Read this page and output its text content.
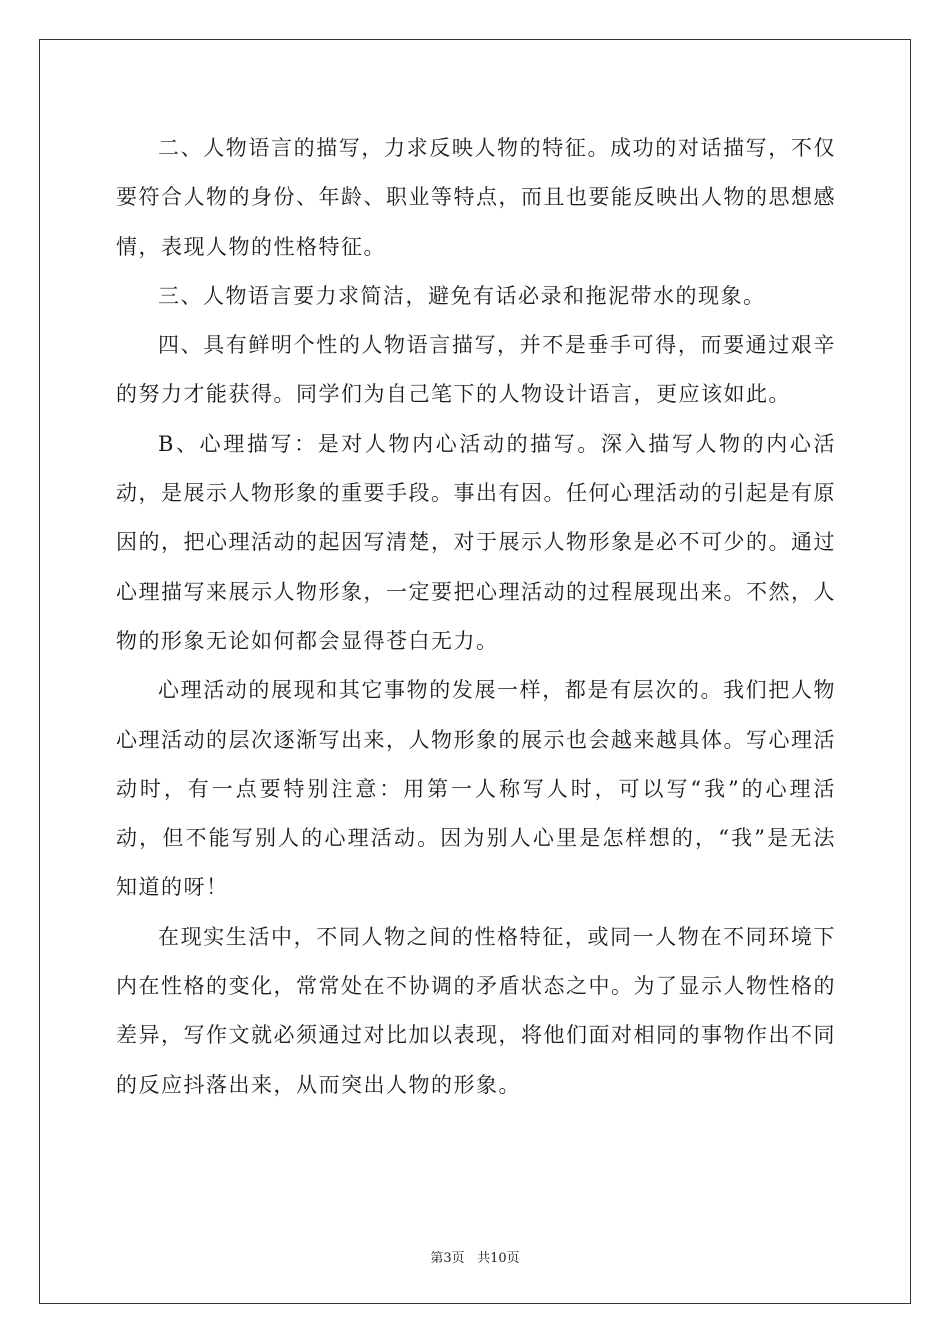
二、人物语言的描写，力求反映人物的特征。成功的对话描写，不仅要符合人物的身份、年龄、职业等特点，而且也要能反映出人物的思想感情，表现人物的性格特征。

三、人物语言要力求简洁，避免有话必录和拖泥带水的现象。

四、具有鲜明个性的人物语言描写，并不是垂手可得，而要通过艰辛的努力才能获得。同学们为自己笔下的人物设计语言，更应该如此。

B、心理描写：是对人物内心活动的描写。深入描写人物的内心活动，是展示人物形象的重要手段。事出有因。任何心理活动的引起是有原因的，把心理活动的起因写清楚，对于展示人物形象是必不可少的。通过心理描写来展示人物形象，一定要把心理活动的过程展现出来。不然，人物的形象无论如何都会显得苍白无力。

心理活动的展现和其它事物的发展一样，都是有层次的。我们把人物心理活动的层次逐渐写出来，人物形象的展示也会越来越具体。写心理活动时，有一点要特别注意：用第一人称写人时，可以写“我”的心理活动，但不能写别人的心理活动。因为别人心里是怎样想的，“我”是无法知道的呀！

在现实生活中，不同人物之间的性格特征，或同一人物在不同环境下内在性格的变化，常常处在不协调的矛盾状态之中。为了显示人物性格的差异，写作文就必须通过对比加以表现，将他们面对相同的事物作出不同的反应抖落出来，从而突出人物的形象。

第3页 共10页
